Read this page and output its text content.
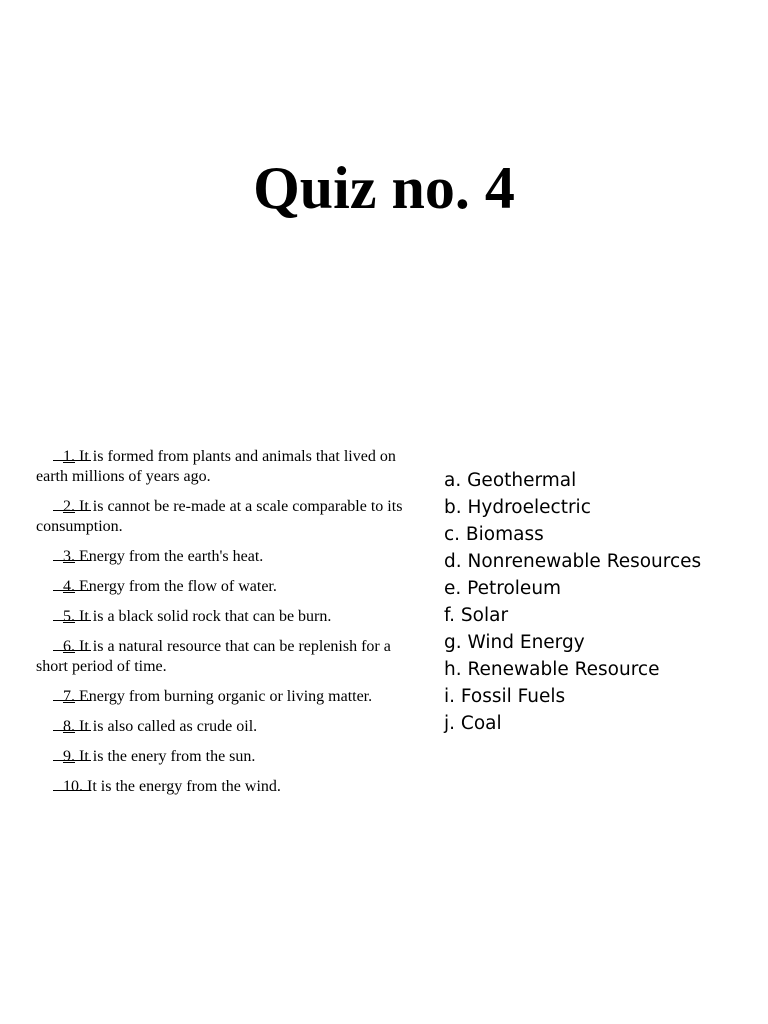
Quiz no. 4

1. It is formed from plants and animals that lived on earth millions of years ago.

2. It is cannot be re-made at a scale comparable to its consumption.

3. Energy from the earth's heat.

4. Energy from the flow of water.

5. It is a black solid rock that can be burn.

6. It is a natural resource that can be replenish for a short period of time.

7. Energy from burning organic or living matter.

8. It is also called as crude oil.

9. It is the enery from the sun.

10. It is the energy from the wind.

a. Geothermal

b. Hydroelectric

c. Biomass

d. Nonrenewable Resources

e. Petroleum

f. Solar

g. Wind Energy

h. Renewable Resource

i. Fossil Fuels

j. Coal
